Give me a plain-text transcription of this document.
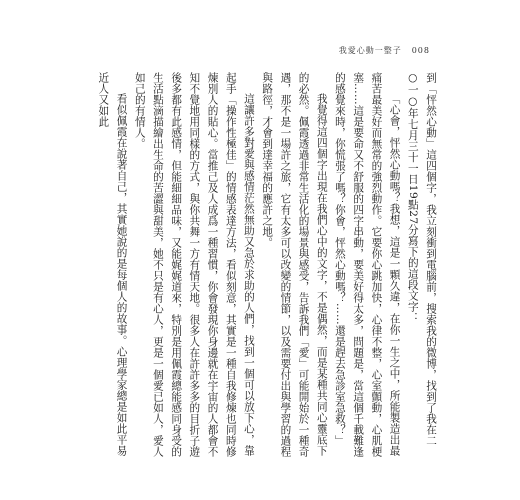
我愛心動一整子 008

到「怦然心動」這四個字，我立刻衝到電腦前，搜索我的微博，找到了我在二○一○年七月三十一日19點27分寫下的這段文字：

「心會，怦然心動嗎？我想，這是一顆久違，在你一生之中，所能製造出最痛苦最美好而無常的強烈動作。它要你心跳加快，心律不整，心室顫動，心肌梗塞……這是要命又不舒服的四字串動，要美好得太多，問題是，當這個千載難逢的感覺來時，你慌張了嗎？你會，怦然心動嗎？……還是趕去急診室急救？」

我覺得這四個字出現在我們心中的文字，不是偶然，而是某種共同心靈底下的必然。佩霞透過非常生活化的場景與感受，告訴我們「愛」可能開始於一種奇遇，那不是一場許之旅，它有太多可以改變的情節，以及需要付出與學習的過程與路徑，才會到達幸福的應許之地。

這讓許多對愛與感情茫然無助又急於求助的人們，找到一個可以放下心，靠起手「操作性極佳」的情感表達方法，看似刻意，其實是一種自我修煉也同時修煉別人的貼心。當推己及人成爲一種習慣，你會發現你身邊就在宇宙的人都會不知不覺地用同樣的方式，與你共舞一方有情天地。很多人在許許多多的目折子遊後多都有此感情，但能細細品味，又能娓娓道來，特別是用佩霞總能感同身受的生活點滴描繪出生命的苦澀與甜美，她不只是有心人，更是一個愛已如人，愛人如己的有情人。

看似佩霞在說著自己，其實她說的是每個人的故事。心理學家總是如此平易近人又如此
